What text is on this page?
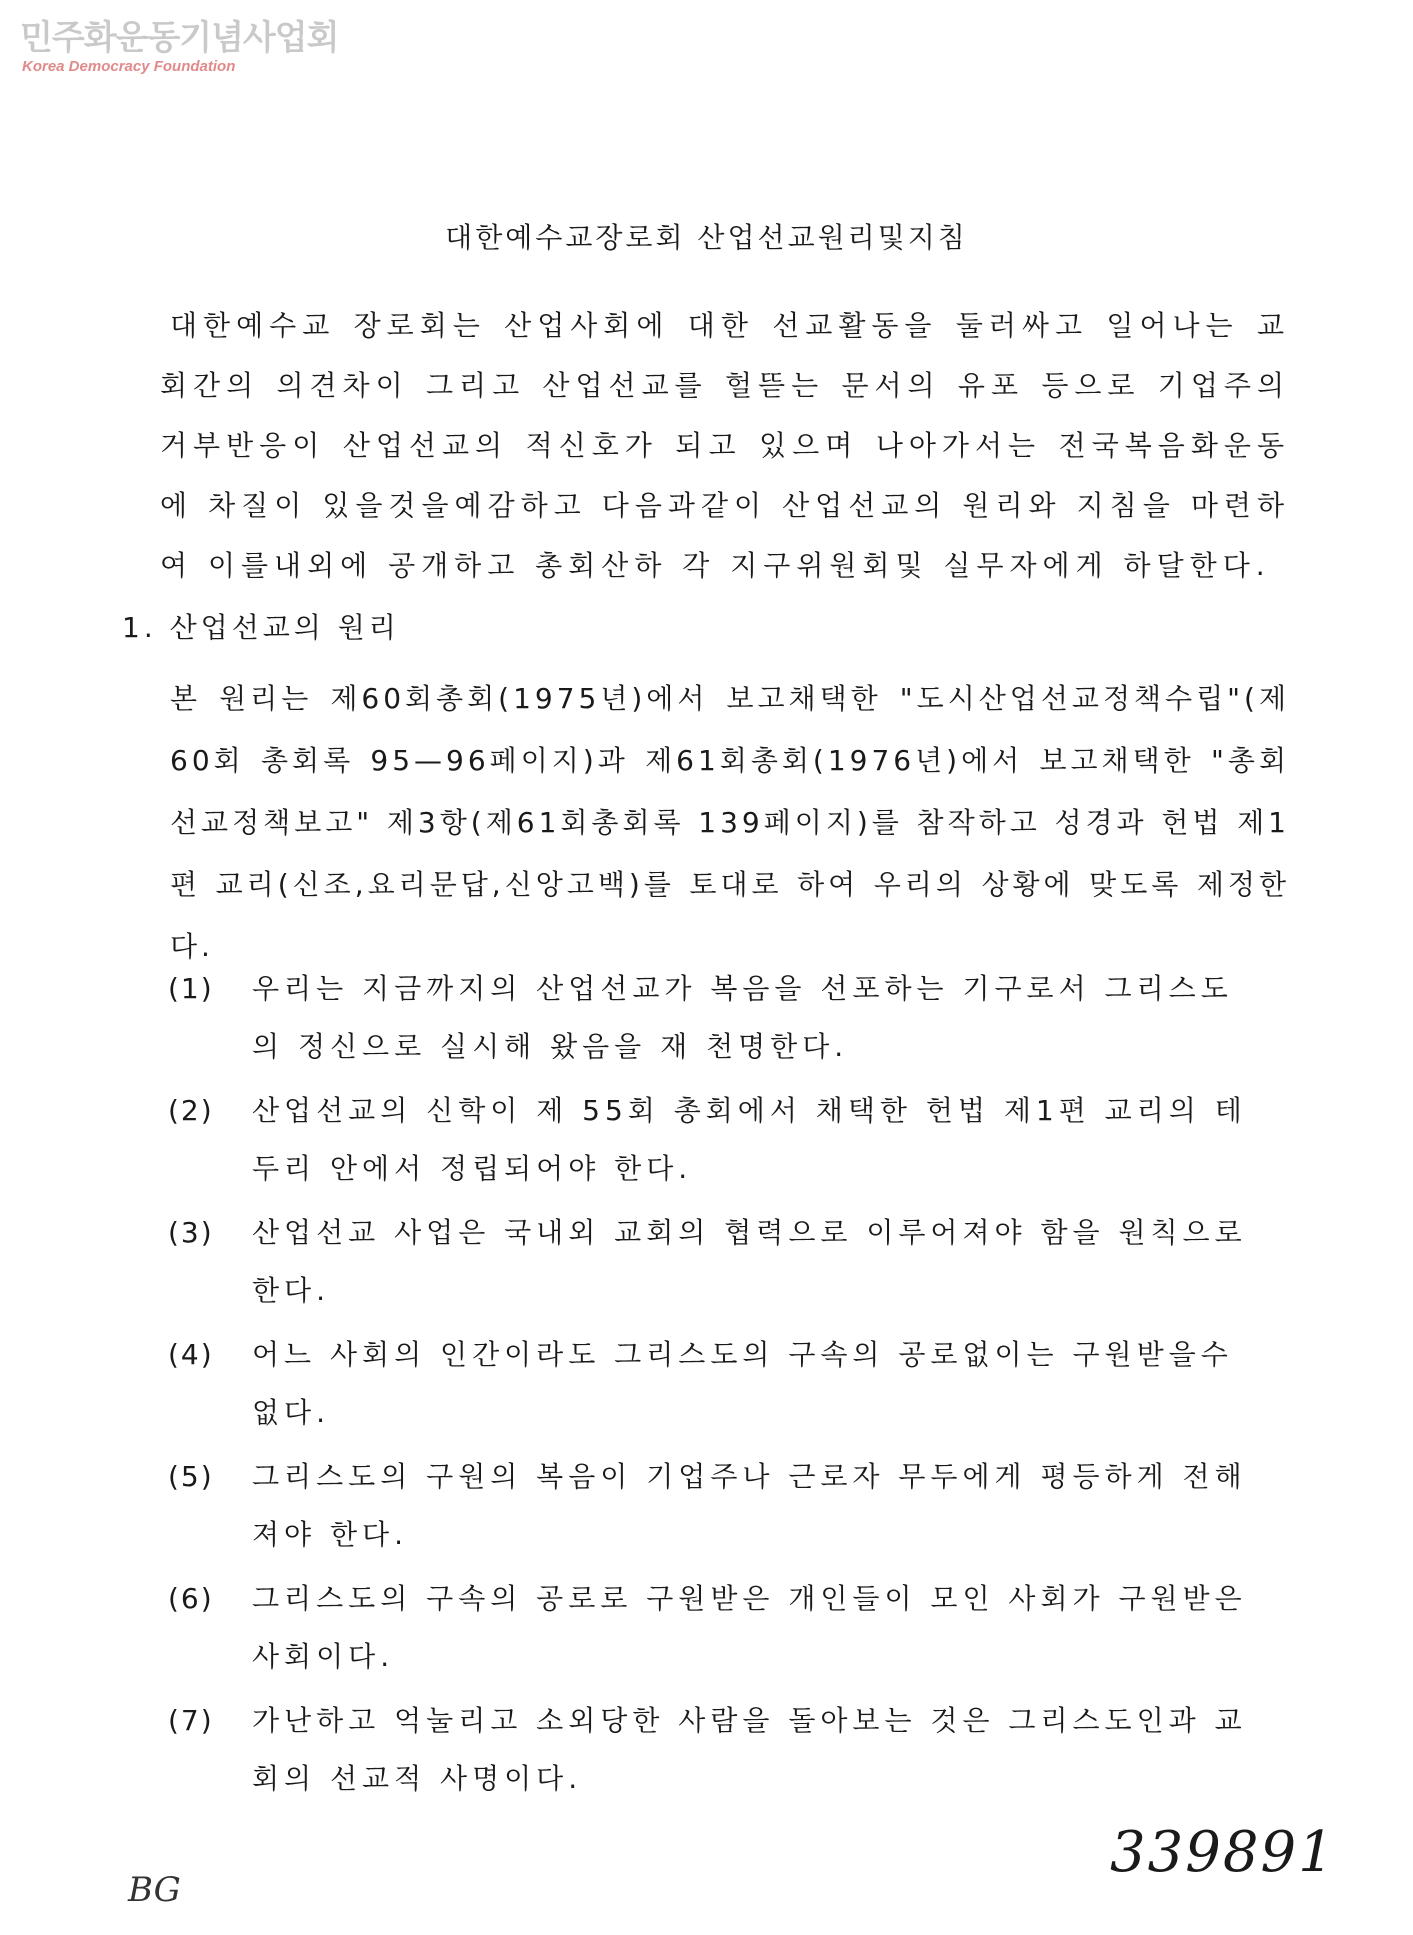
민주화운동기념사업회
Korea Democracy Foundation
대한예수교장로회 산업선교원리및지침
대한예수교 장로회는 산업사회에 대한 선교활동을 둘러싸고 일어나는 교회간의 의견차이 그리고 산업선교를 헐뜯는 문서의 유포 등으로 기업주의거부반응이 산업선교의 적신호가 되고 있으며 나아가서는 전국복음화운동 에 차질이 있을것을예감하고 다음과같이 산업선교의 원리와 지침을 마련하여 이를내외에 공개하고 총회산하 각 지구위원회및 실무자에게 하달한다.
1. 산업선교의 원리
본 원리는 제60회총회(1975년)에서 보고채택한 "도시산업선교정책수립"(제60회 총회록 95—96페이지)과 제61회총회(1976년)에서 보고채택한 "총회선교정책보고" 제3항(제61회총회록 139페이지)를 참작하고 성경과 헌법 제1편 교리(신조,요리문답,신앙고백)를 토대로 하여 우리의 상황에 맞도록 제정한다.
(1) 우리는 지금까지의 산업선교가 복음을 선포하는 기구로서 그리스도의 정신으로 실시해 왔음을 재 천명한다.
(2) 산업선교의 신학이 제 55회 총회에서 채택한 헌법 제1편 교리의 테두리 안에서 정립되어야 한다.
(3) 산업선교 사업은 국내외 교회의 협력으로 이루어져야 함을 원칙으로 한다.
(4) 어느 사회의 인간이라도 그리스도의 구속의 공로없이는 구원받을수 없다.
(5) 그리스도의 구원의 복음이 기업주나 근로자 무두에게 평등하게 전해져야 한다.
(6) 그리스도의 구속의 공로로 구원받은 개인들이 모인 사회가 구원받은 사회이다.
(7) 가난하고 억눌리고 소외당한 사람을 돌아보는 것은 그리스도인과 교회의 선교적 사명이다.
339891
BG
